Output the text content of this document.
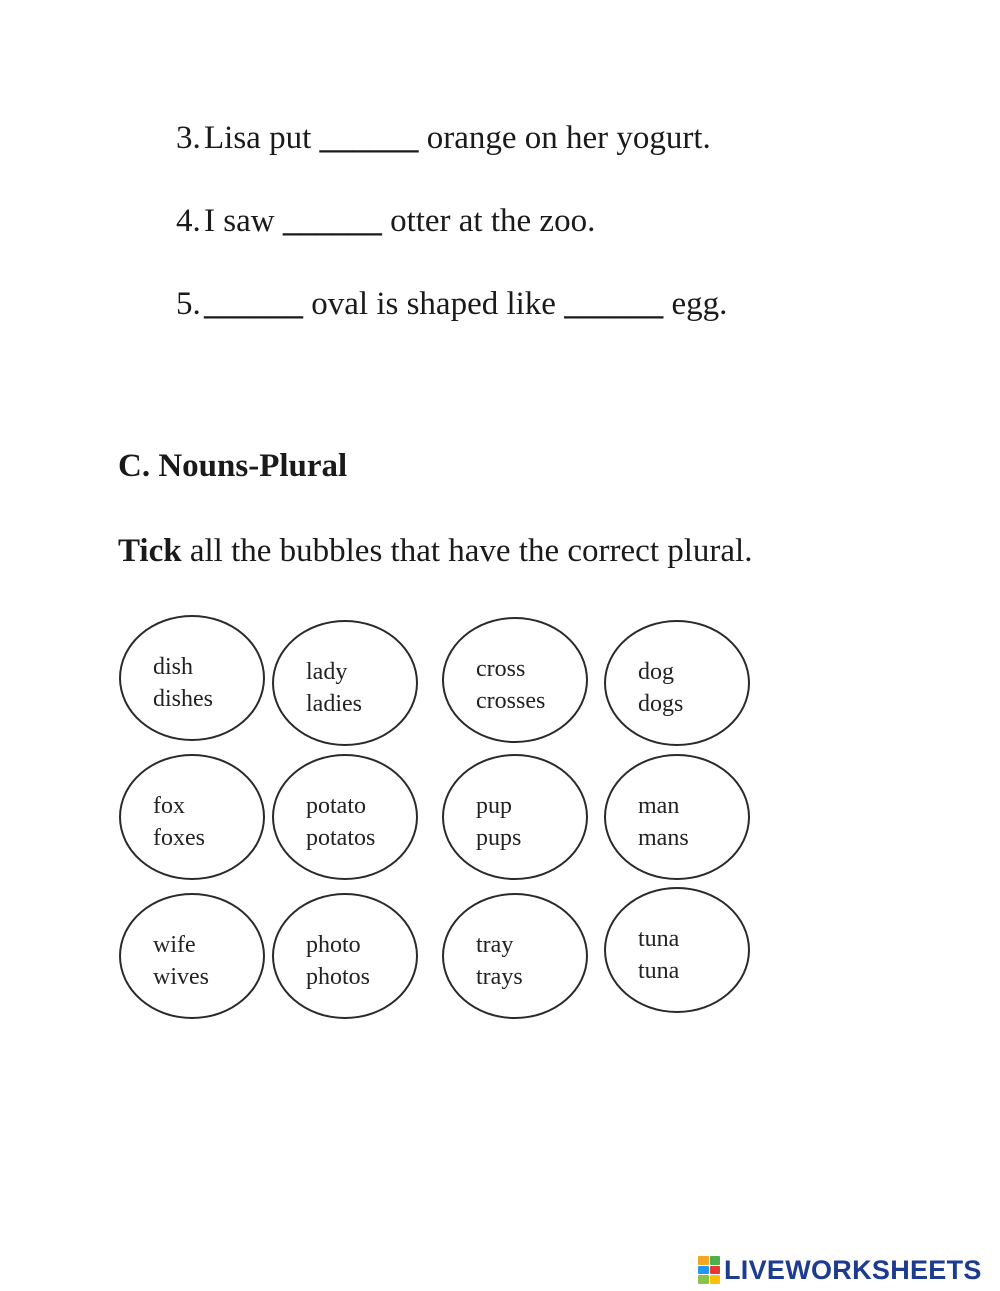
3.Lisa put ______ orange on her yogurt.
4.I saw ______ otter at the zoo.
5.______ oval is shaped like ______ egg.
C. Nouns-Plural
Tick all the bubbles that have the correct plural.
dish
dishes
lady
ladies
cross
crosses
dog
dogs
fox
foxes
potato
potatos
pup
pups
man
mans
wife
wives
photo
photos
tray
trays
tuna
tuna
LIVEWORKSHEETS
